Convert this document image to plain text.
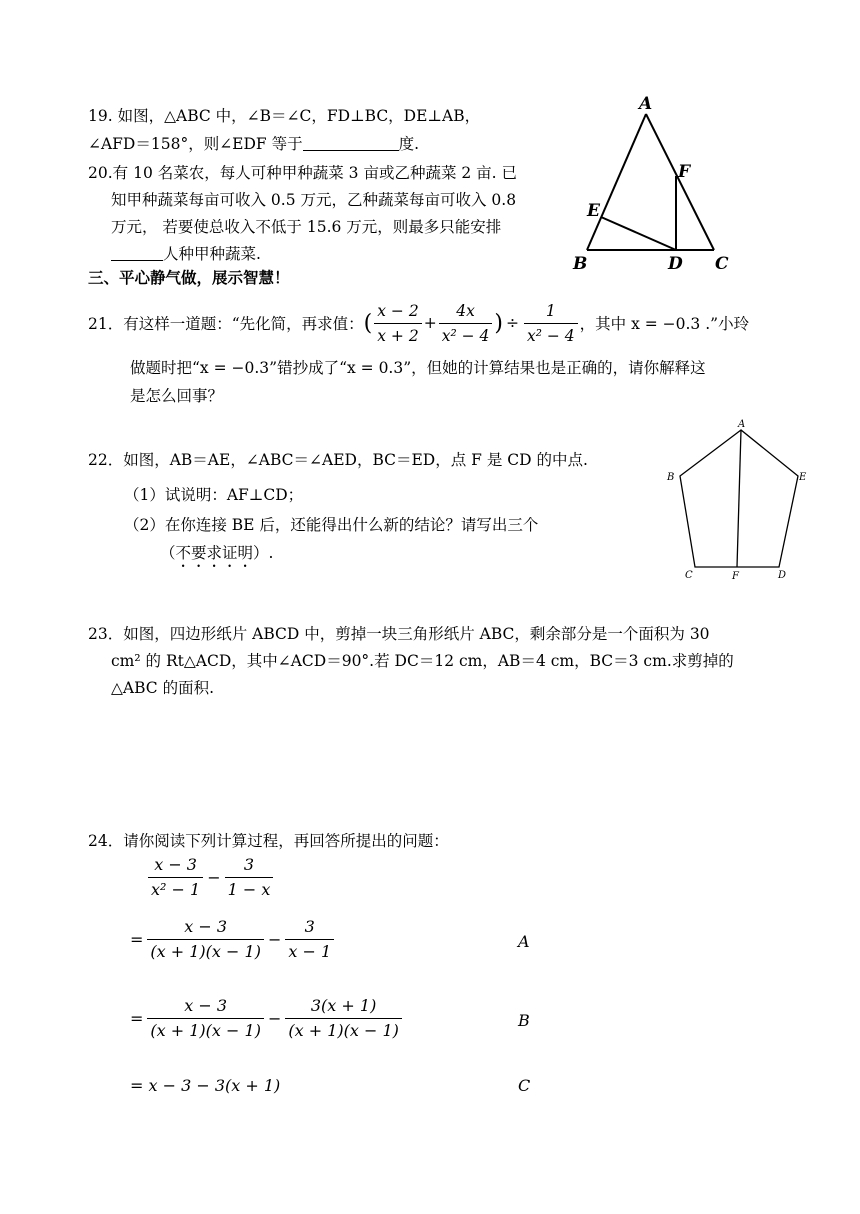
19. 如图，△ABC 中，∠B＝∠C，FD⊥BC，DE⊥AB，
∠AFD＝158°，则∠EDF 等于	度.
20.有 10 名菜农，每人可种甲种蔬菜 3 亩或乙种蔬菜 2 亩. 已
知甲种蔬菜每亩可收入 0.5 万元，乙种蔬菜每亩可收入 0.8
万元， 若要使总收入不低于 15.6 万元，则最多只能安排
人种甲种蔬菜.
三、平心静气做，展示智慧！
A
B	C
D
E
F
21．有这样一道题：“先化简，再求值： ( $\frac{x - 2}{x + 2} + \frac{4x}{\text{x² − 4}}$ ) ÷ $\frac{1}{\text{x² − 4}}$ ，其中 x = −0.3 .”小玲
做题时把“x = −0.3”错抄成了“x = 0.3”，但她的计算结果也是正确的，请你解释这
是怎么回事？
22．如图，AB＝AE，∠ABC＝∠AED，BC＝ED，点 F 是 CD 的中点.
（1）试说明：AF⊥CD；
（2）在你连接 BE 后，还能得出什么新的结论？请写出三个
（不要求证明）.
A
B
C	D
E
F
23．如图，四边形纸片 ABCD 中，剪掉一块三角形纸片 ABC，剩余部分是一个面积为 30
cm² 的 Rt△ACD，其中∠ACD＝90°.若 DC＝12 cm，AB＝4 cm，BC＝3 cm.求剪掉的
△ABC 的面积.
24．请你阅读下列计算过程，再回答所提出的问题：
$\frac{x - 3}{\text{x² − 1}} - \frac{3}{1 - x}$
= $\frac{x - 3}{(x + 1)(x - 1)} - \frac{3}{x - 1}$	A
= $\frac{x - 3}{(x + 1)(x - 1)} - \frac{3(x + 1)}{(x + 1)(x - 1)}$	B
= x − 3 − 3(x + 1)	C
